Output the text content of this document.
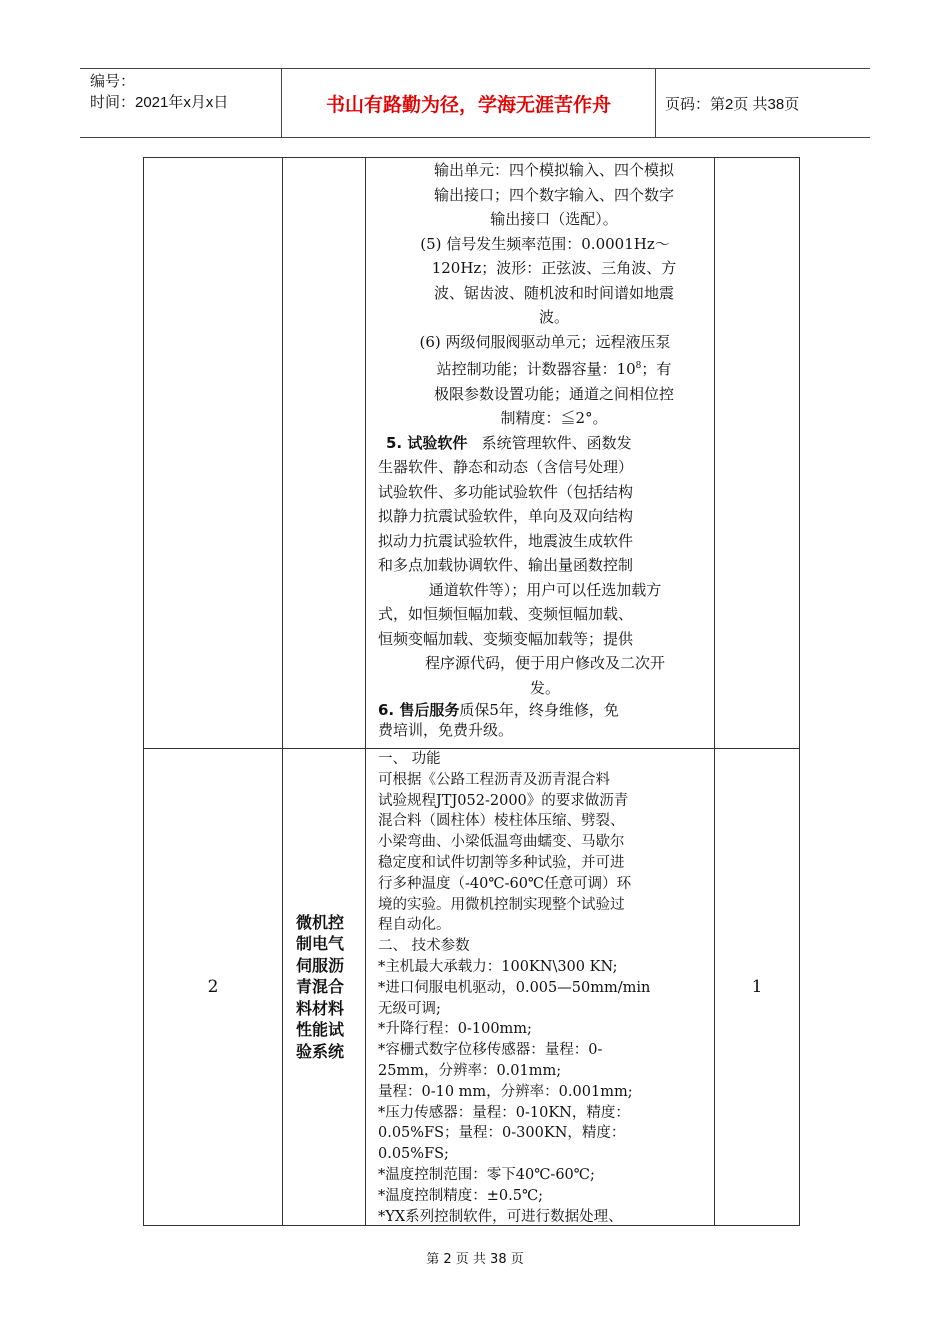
编号：
时间：2021年x月x日	书山有路勤为径，学海无涯苦作舟	页码：第2页 共38页
输出单元：四个模拟输入、四个模拟
输出接口；四个数字输入、四个数字
输出接口（选配）。
(5) 信号发生频率范围：0.0001Hz～
120Hz；波形：正弦波、三角波、方
波、锯齿波、随机波和时间谱如地震
波。
(6) 两级伺服阀驱动单元；远程液压泵
站控制功能；计数器容量：$10^8$；有
极限参数设置功能；通道之间相位控
制精度：≦2°。
5. 试验软件 系统管理软件、函数发
生器软件、静态和动态（含信号处理）
试验软件、多功能试验软件（包括结构
拟静力抗震试验软件，单向及双向结构
拟动力抗震试验软件，地震波生成软件
和多点加载协调软件、输出量函数控制
通道软件等）；用户可以任选加载方
式，如恒频恒幅加载、变频恒幅加载、
恒频变幅加载、变频变幅加载等；提供
程序源代码，便于用户修改及二次开
发。
6. 售后服务质保5年，终身维修，免
费培训，免费升级。
2
微机控
制电气
伺服沥
青混合
料材料
性能试
验系统
一、 功能
可根据《公路工程沥青及沥青混合料
试验规程JTJ052-2000》的要求做沥青
混合料（圆柱体）棱柱体压缩、劈裂、
小梁弯曲、小梁低温弯曲蠕变、马歇尔
稳定度和试件切割等多种试验，并可进
行多种温度（-40℃-60℃任意可调）环
境的实验。用微机控制实现整个试验过
程自动化。
二、 技术参数
*主机最大承载力：100KN\300 KN;
*进口伺服电机驱动，0.005—50mm/min
无级可调;
*升降行程：0-100mm;
*容栅式数字位移传感器：量程：0-
25mm，分辨率：0.01mm;
量程：0-10 mm，分辨率：0.001mm;
*压力传感器：量程：0-10KN，精度：
0.05%FS；量程：0-300KN，精度：
0.05%FS;
*温度控制范围：零下40℃-60℃;
*温度控制精度：±0.5℃;
*YX系列控制软件，可进行数据处理、
1
第 2 页 共 38 页
